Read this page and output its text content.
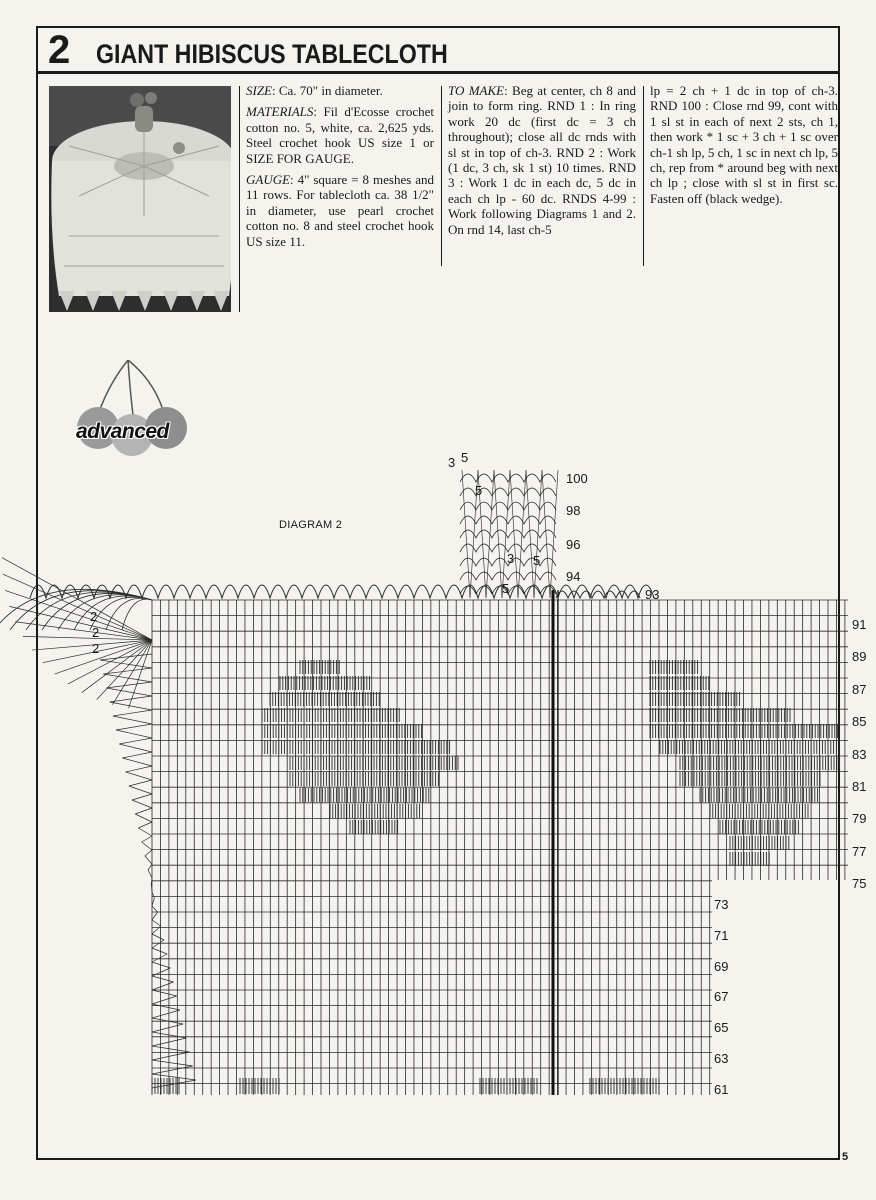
2 GIANT HIBISCUS TABLECLOTH

SIZE: Ca. 70" in diameter.

MATERIALS: Fil d'Ecosse crochet cotton no. 5, white, ca. 2,625 yds. Steel crochet hook US size 1 or SIZE FOR GAUGE.

GAUGE: 4" square = 8 meshes and 11 rows. For tablecloth ca. 38 1/2" in diameter, use pearl crochet cotton no. 8 and steel crochet hook US size 11.

TO MAKE: Beg at center, ch 8 and join to form ring. RND 1 : In ring work 20 dc (first dc = 3 ch throughout); close all dc rnds with sl st in top of ch-3. RND 2 : Work (1 dc, 3 ch, sk 1 st) 10 times. RND 3 : Work 1 dc in each dc, 5 dc in each ch lp - 60 dc. RNDS 4-99 : Work following Diagrams 1 and 2. On rnd 14, last ch-5

lp = 2 ch + 1 dc in top of ch-3. RND 100 : Close rnd 99, cont with 1 sl st in each of next 2 sts, ch 1, then work * 1 sc + 3 ch + 1 sc over ch-1 sh lp, 5 ch, 1 sc in next ch lp, 5 ch, rep from * around beg with next ch lp ; close with sl st in first sc. Fasten off (black wedge).

advanced
DIAGRAM 2
91
89
87
85
83
81
79
77
75
73
71
69
67
65
63
61
100
98
96
94
93
3 5
5
3
5
5
2
2
2
5
